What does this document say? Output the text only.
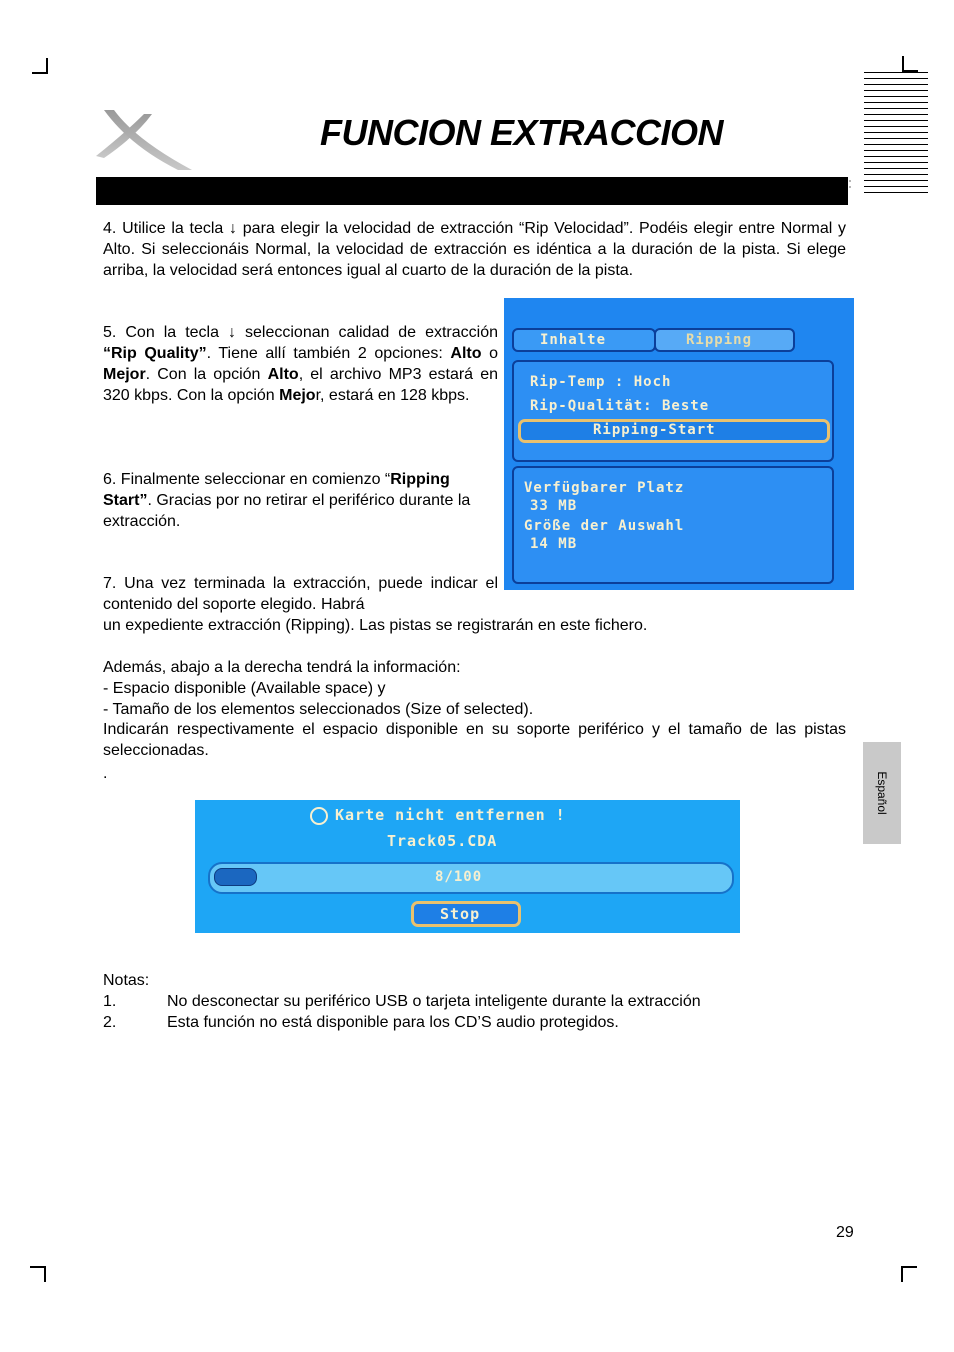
FUNCION EXTRACCION
Español

4. Utilice la tecla ↓ para elegir la velocidad de extracción “Rip Velocidad”. Podéis elegir entre Normal y Alto. Si seleccionáis Normal, la velocidad de extracción es idéntica a la duración de la pista. Si elege arriba, la velocidad será entonces igual al cuarto de la duración de la pista.

5. Con la tecla ↓ seleccionan calidad de extracción “Rip Quality”. Tiene allí también 2 opciones: Alto o Mejor. Con la opción Alto, el archivo MP3 estará en 320 kbps. Con la opción Mejor, estará en 128 kbps.

6. Finalmente seleccionar en comienzo “Ripping Start”. Gracias por no retirar el periférico durante la extracción.

7. Una vez terminada la extracción, puede indicar el contenido del soporte elegido. Habrá

un expediente extracción (Ripping). Las pistas se registrarán en este fichero.

Además, abajo a la derecha tendrá la información:

- Espacio disponible (Available space) y

- Tamaño de los elementos seleccionados (Size of selected).

Indicarán respectivamente el espacio disponible en su soporte periférico y el tamaño de las pistas seleccionadas.

.

Inhalte	Ripping
Rip-Temp : Hoch
Rip-Qualität: Beste
Ripping-Start
Verfügbarer Platz
33 MB
Größe der Auswahl
14 MB
Karte nicht entfernen !
Track05.CDA
8/100
Stop

Notas:

1.	No desconectar su periférico USB o tarjeta inteligente durante la extracción
2.	Esta función no está disponible para los CD’S audio protegidos.
29
